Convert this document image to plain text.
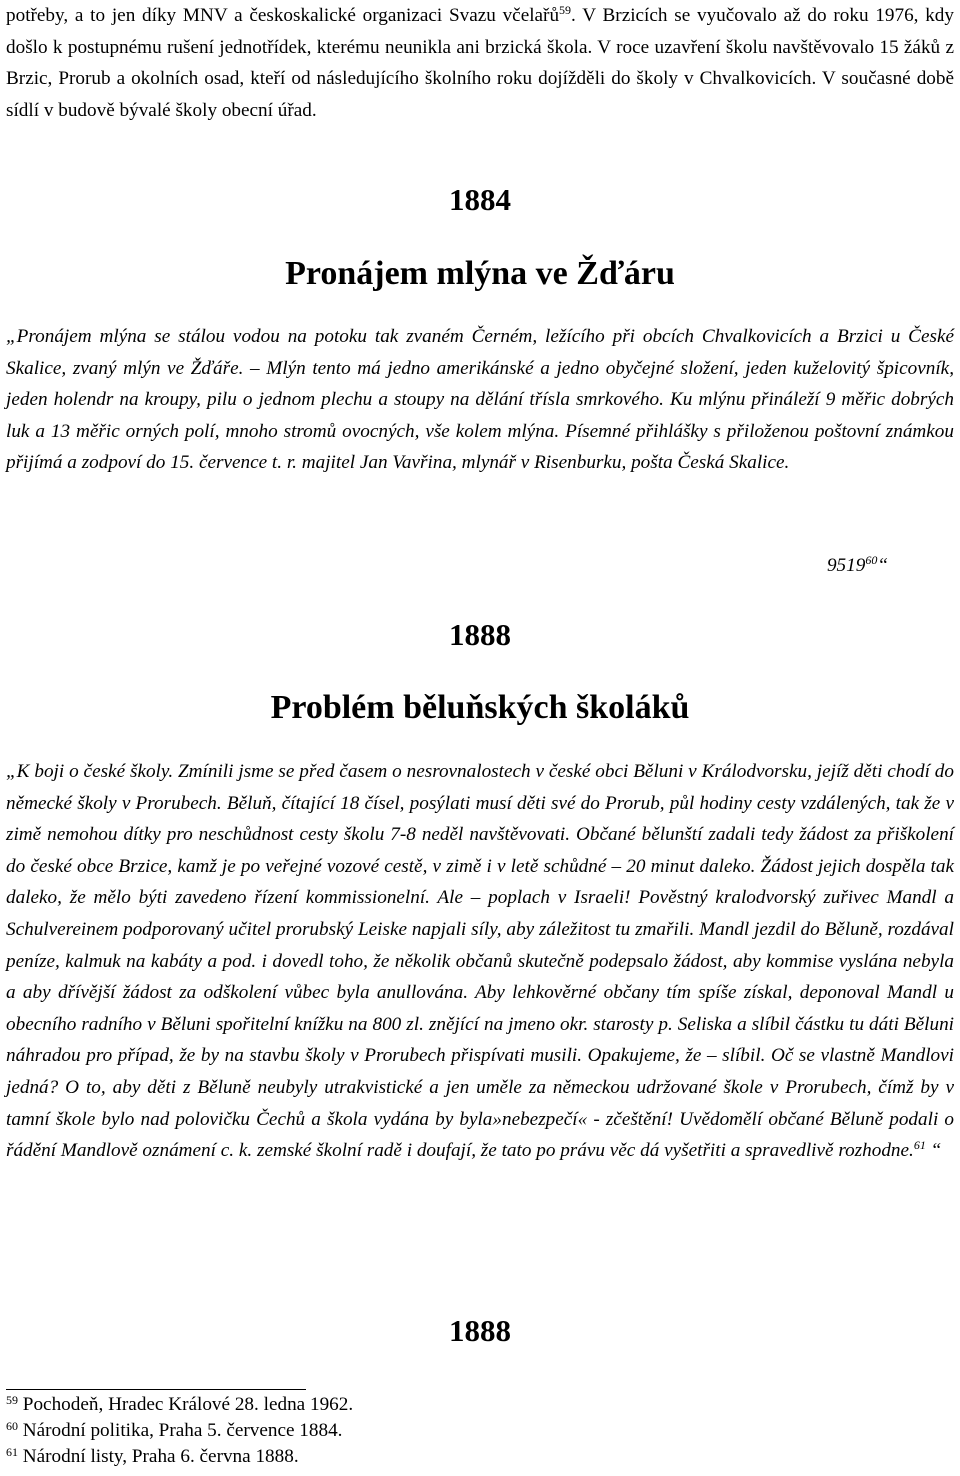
potřeby, a to jen díky MNV a českoskalické organizaci Svazu včelařů$^{59}$. V Brzicích se vyučovalo až do roku 1976, kdy došlo k postupnému rušení jednotřídek, kterému neunikla ani brzická škola. V roce uzavření školu navštěvovalo 15 žáků z Brzic, Prorub a okolních osad, kteří od následujícího školního roku dojížděli do školy v Chvalkovicích. V současné době sídlí v budově bývalé školy obecní úřad.
1884
Pronájem mlýna ve Žďáru
„Pronájem mlýna se stálou vodou na potoku tak zvaném Černém, ležícího při obcích Chvalkovicích a Brzici u České Skalice, zvaný mlýn ve Žďáře. – Mlýn tento má jedno amerikánské a jedno obyčejné složení, jeden kuželovitý špicovník, jeden holendr na kroupy, pilu o jednom plechu a stoupy na dělání třísla smrkového. Ku mlýnu přináleží 9 měřic dobrých luk a 13 měřic orných polí, mnoho stromů ovocných, vše kolem mlýna. Písemné přihlášky s přiloženou poštovní známkou přijímá a zodpoví do 15. července t. r. majitel Jan Vavřina, mlynář v Risenburku, pošta Česká Skalice.
9519$^{60}$“
1888
Problém běluňských školáků
„K boji o české školy. Zmínili jsme se před časem o nesrovnalostech v české obci Běluni v Králodvorsku, jejíž děti chodí do německé školy v Prorubech. Běluň, čítající 18 čísel, posýlati musí děti své do Prorub, půl hodiny cesty vzdálených, tak že v zimě nemohou dítky pro neschůdnost cesty školu 7-8 neděl navštěvovati. Občané bělunští zadali tedy žádost za přiškolení do české obce Brzice, kamž je po veřejné vozové cestě, v zimě i v letě schůdné – 20 minut daleko. Žádost jejich dospěla tak daleko, že mělo býti zavedeno řízení kommissionelní. Ale – poplach v Israeli! Pověstný kralodvorský zuřivec Mandl a Schulvereinem podporovaný učitel prorubský Leiske napjali síly, aby záležitost tu zmařili. Mandl jezdil do Běluně, rozdával peníze, kalmuk na kabáty a pod. i dovedl toho, že několik občanů skutečně podepsalo žádost, aby kommise vyslána nebyla a aby dřívější žádost za odškolení vůbec byla anullována. Aby lehkověrné občany tím spíše získal, deponoval Mandl u obecního radního v Běluni spořitelní knížku na 800 zl. znějící na jmeno okr. starosty p. Seliska a slíbil částku tu dáti Běluni náhradou pro případ, že by na stavbu školy v Prorubech přispívati musili. Opakujeme, že – slíbil. Oč se vlastně Mandlovi jedná? O to, aby děti z Běluně neubyly utrakvistické a jen uměle za německou udržované škole v Prorubech, čímž by v tamní škole bylo nad polovičku Čechů a škola vydána by byla»nebezpečí« - zčeštění! Uvědomělí občané Běluně podali o řádění Mandlově oznámení c. k. zemské školní radě i doufají, že tato po právu věc dá vyšetřiti a spravedlivě rozhodne.$^{61}$ “
1888
$^{59}$ Pochodeň, Hradec Králové 28. ledna 1962.
$^{60}$ Národní politika, Praha 5. července 1884.
$^{61}$ Národní listy, Praha 6. června 1888.
